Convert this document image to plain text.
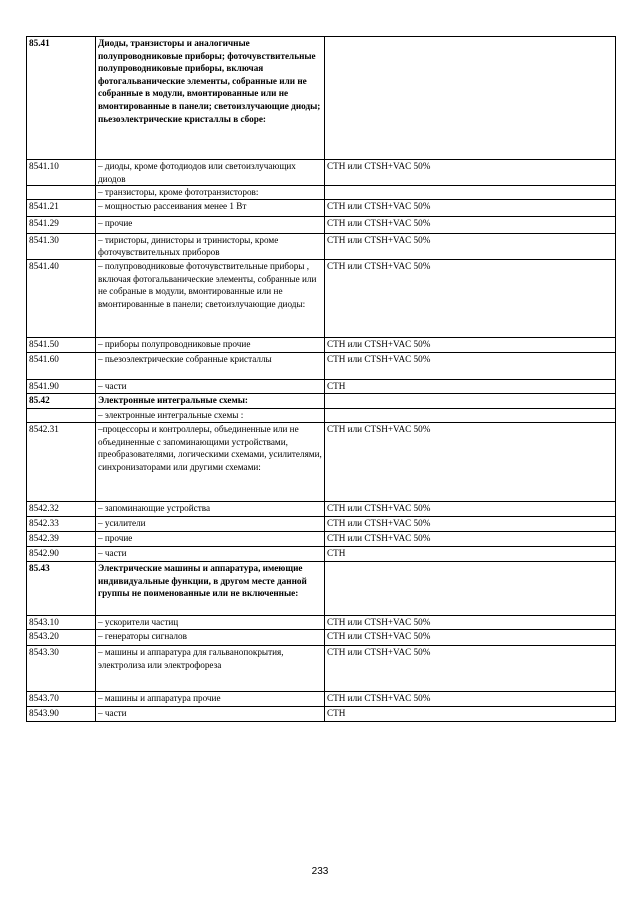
85.41	Диоды, транзисторы и аналогичные полупроводниковые приборы; фоточувствительные полупроводниковые приборы, включая фотогальванические элементы, собранные или не собранные в модули, вмонтированные или не вмонтированные в панели; светоизлучающие диоды; пьезоэлектрические кристаллы в сборе:	
8541.10	– диоды, кроме фотодиодов или светоизлучающих диодов	СТН или CTSH+VAC 50%
	– транзисторы, кроме фототранзисторов:	
8541.21	– мощностью рассеивания менее 1 Вт	СТН или CTSH+VAC 50%
8541.29	– прочие	СТН или CTSH+VAC 50%
8541.30	– тиристоры, динисторы и тринисторы, кроме фоточувствительных приборов	СТН или CTSH+VAC 50%
8541.40	– полупроводниковые фоточувствительные приборы , включая фотогальванические элементы, собранные или не собраные в модули, вмонтированные или не вмонтированные в панели; светоизлучающие диоды:	СТН или CTSH+VAC 50%
8541.50	– приборы полупроводниковые прочие	СТН или CTSH+VAC 50%
8541.60	– пьезоэлектрические собранные кристаллы	СТН или CTSH+VAC 50%
8541.90	– части	СТН
85.42	Электронные интегральные схемы:	
	– электронные интегральные схемы :	
8542.31	–процессоры и контроллеры, объединенные или не объединенные с запоминающими устройствами, преобразователями, логическими схемами, усилителями, синхронизаторами или другими схемами:	СТН или CTSH+VAC 50%
8542.32	– запоминающие устройства	СТН или CTSH+VAC 50%
8542.33	– усилители	СТН или CTSH+VAC 50%
8542.39	– прочие	СТН или CTSH+VAC 50%
8542.90	– части	СТН
85.43	Электрические машины и аппаратура, имеющие индивидуальные функции, в другом месте данной группы не поименованные или не включенные:	
8543.10	– ускорители частиц	СТН или CTSH+VAC 50%
8543.20	– генераторы сигналов	СТН или CTSH+VAC 50%
8543.30	– машины и аппаратура для гальванопокрытия, электролиза или электрофореза	СТН или CTSH+VAC 50%
8543.70	– машины и аппаратура прочие	СТН или CTSH+VAC 50%
8543.90	– части	СТН
233
